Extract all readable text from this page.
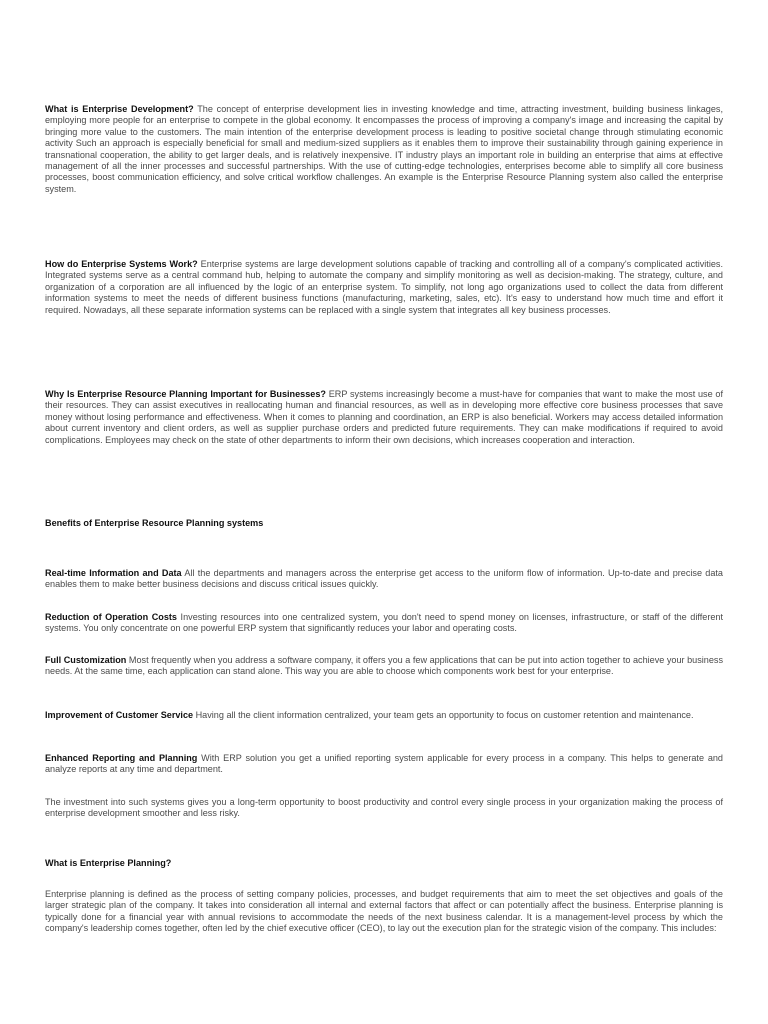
What is Enterprise Development? The concept of enterprise development lies in investing knowledge and time, attracting investment, building business linkages, employing more people for an enterprise to compete in the global economy. It encompasses the process of improving a company's image and increasing the capital by bringing more value to the customers. The main intention of the enterprise development process is leading to positive societal change through stimulating economic activity Such an approach is especially beneficial for small and medium-sized suppliers as it enables them to improve their sustainability through gaining experience in transnational cooperation, the ability to get larger deals, and is relatively inexpensive. IT industry plays an important role in building an enterprise that aims at effective management of all the inner processes and successful partnerships. With the use of cutting-edge technologies, enterprises become able to simplify all core business processes, boost communication efficiency, and solve critical workflow challenges. An example is the Enterprise Resource Planning system also called the enterprise system.

How do Enterprise Systems Work? Enterprise systems are large development solutions capable of tracking and controlling all of a company's complicated activities. Integrated systems serve as a central command hub, helping to automate the company and simplify monitoring as well as decision-making. The strategy, culture, and organization of a corporation are all influenced by the logic of an enterprise system. To simplify, not long ago organizations used to collect the data from different information systems to meet the needs of different business functions (manufacturing, marketing, sales, etc). It's easy to understand how much time and effort it required. Nowadays, all these separate information systems can be replaced with a single system that integrates all key business processes.

Why Is Enterprise Resource Planning Important for Businesses? ERP systems increasingly become a must-have for companies that want to make the most use of their resources. They can assist executives in reallocating human and financial resources, as well as in developing more effective core business processes that save money without losing performance and effectiveness. When it comes to planning and coordination, an ERP is also beneficial. Workers may access detailed information about current inventory and client orders, as well as supplier purchase orders and predicted future requirements. They can make modifications if required to avoid complications. Employees may check on the state of other departments to inform their own decisions, which increases cooperation and interaction.

Benefits of Enterprise Resource Planning systems

Real-time Information and Data All the departments and managers across the enterprise get access to the uniform flow of information. Up-to-date and precise data enables them to make better business decisions and discuss critical issues quickly.

Reduction of Operation Costs Investing resources into one centralized system, you don't need to spend money on licenses, infrastructure, or staff of the different systems. You only concentrate on one powerful ERP system that significantly reduces your labor and operating costs.

Full Customization Most frequently when you address a software company, it offers you a few applications that can be put into action together to achieve your business needs. At the same time, each application can stand alone. This way you are able to choose which components work best for your enterprise.

Improvement of Customer Service Having all the client information centralized, your team gets an opportunity to focus on customer retention and maintenance.

Enhanced Reporting and Planning With ERP solution you get a unified reporting system applicable for every process in a company. This helps to generate and analyze reports at any time and department.

The investment into such systems gives you a long-term opportunity to boost productivity and control every single process in your organization making the process of enterprise development smoother and less risky.

What is Enterprise Planning?

Enterprise planning is defined as the process of setting company policies, processes, and budget requirements that aim to meet the set objectives and goals of the larger strategic plan of the company. It takes into consideration all internal and external factors that affect or can potentially affect the business. Enterprise planning is typically done for a financial year with annual revisions to accommodate the needs of the next business calendar. It is a management-level process by which the company's leadership comes together, often led by the chief executive officer (CEO), to lay out the execution plan for the strategic vision of the company. This includes:
